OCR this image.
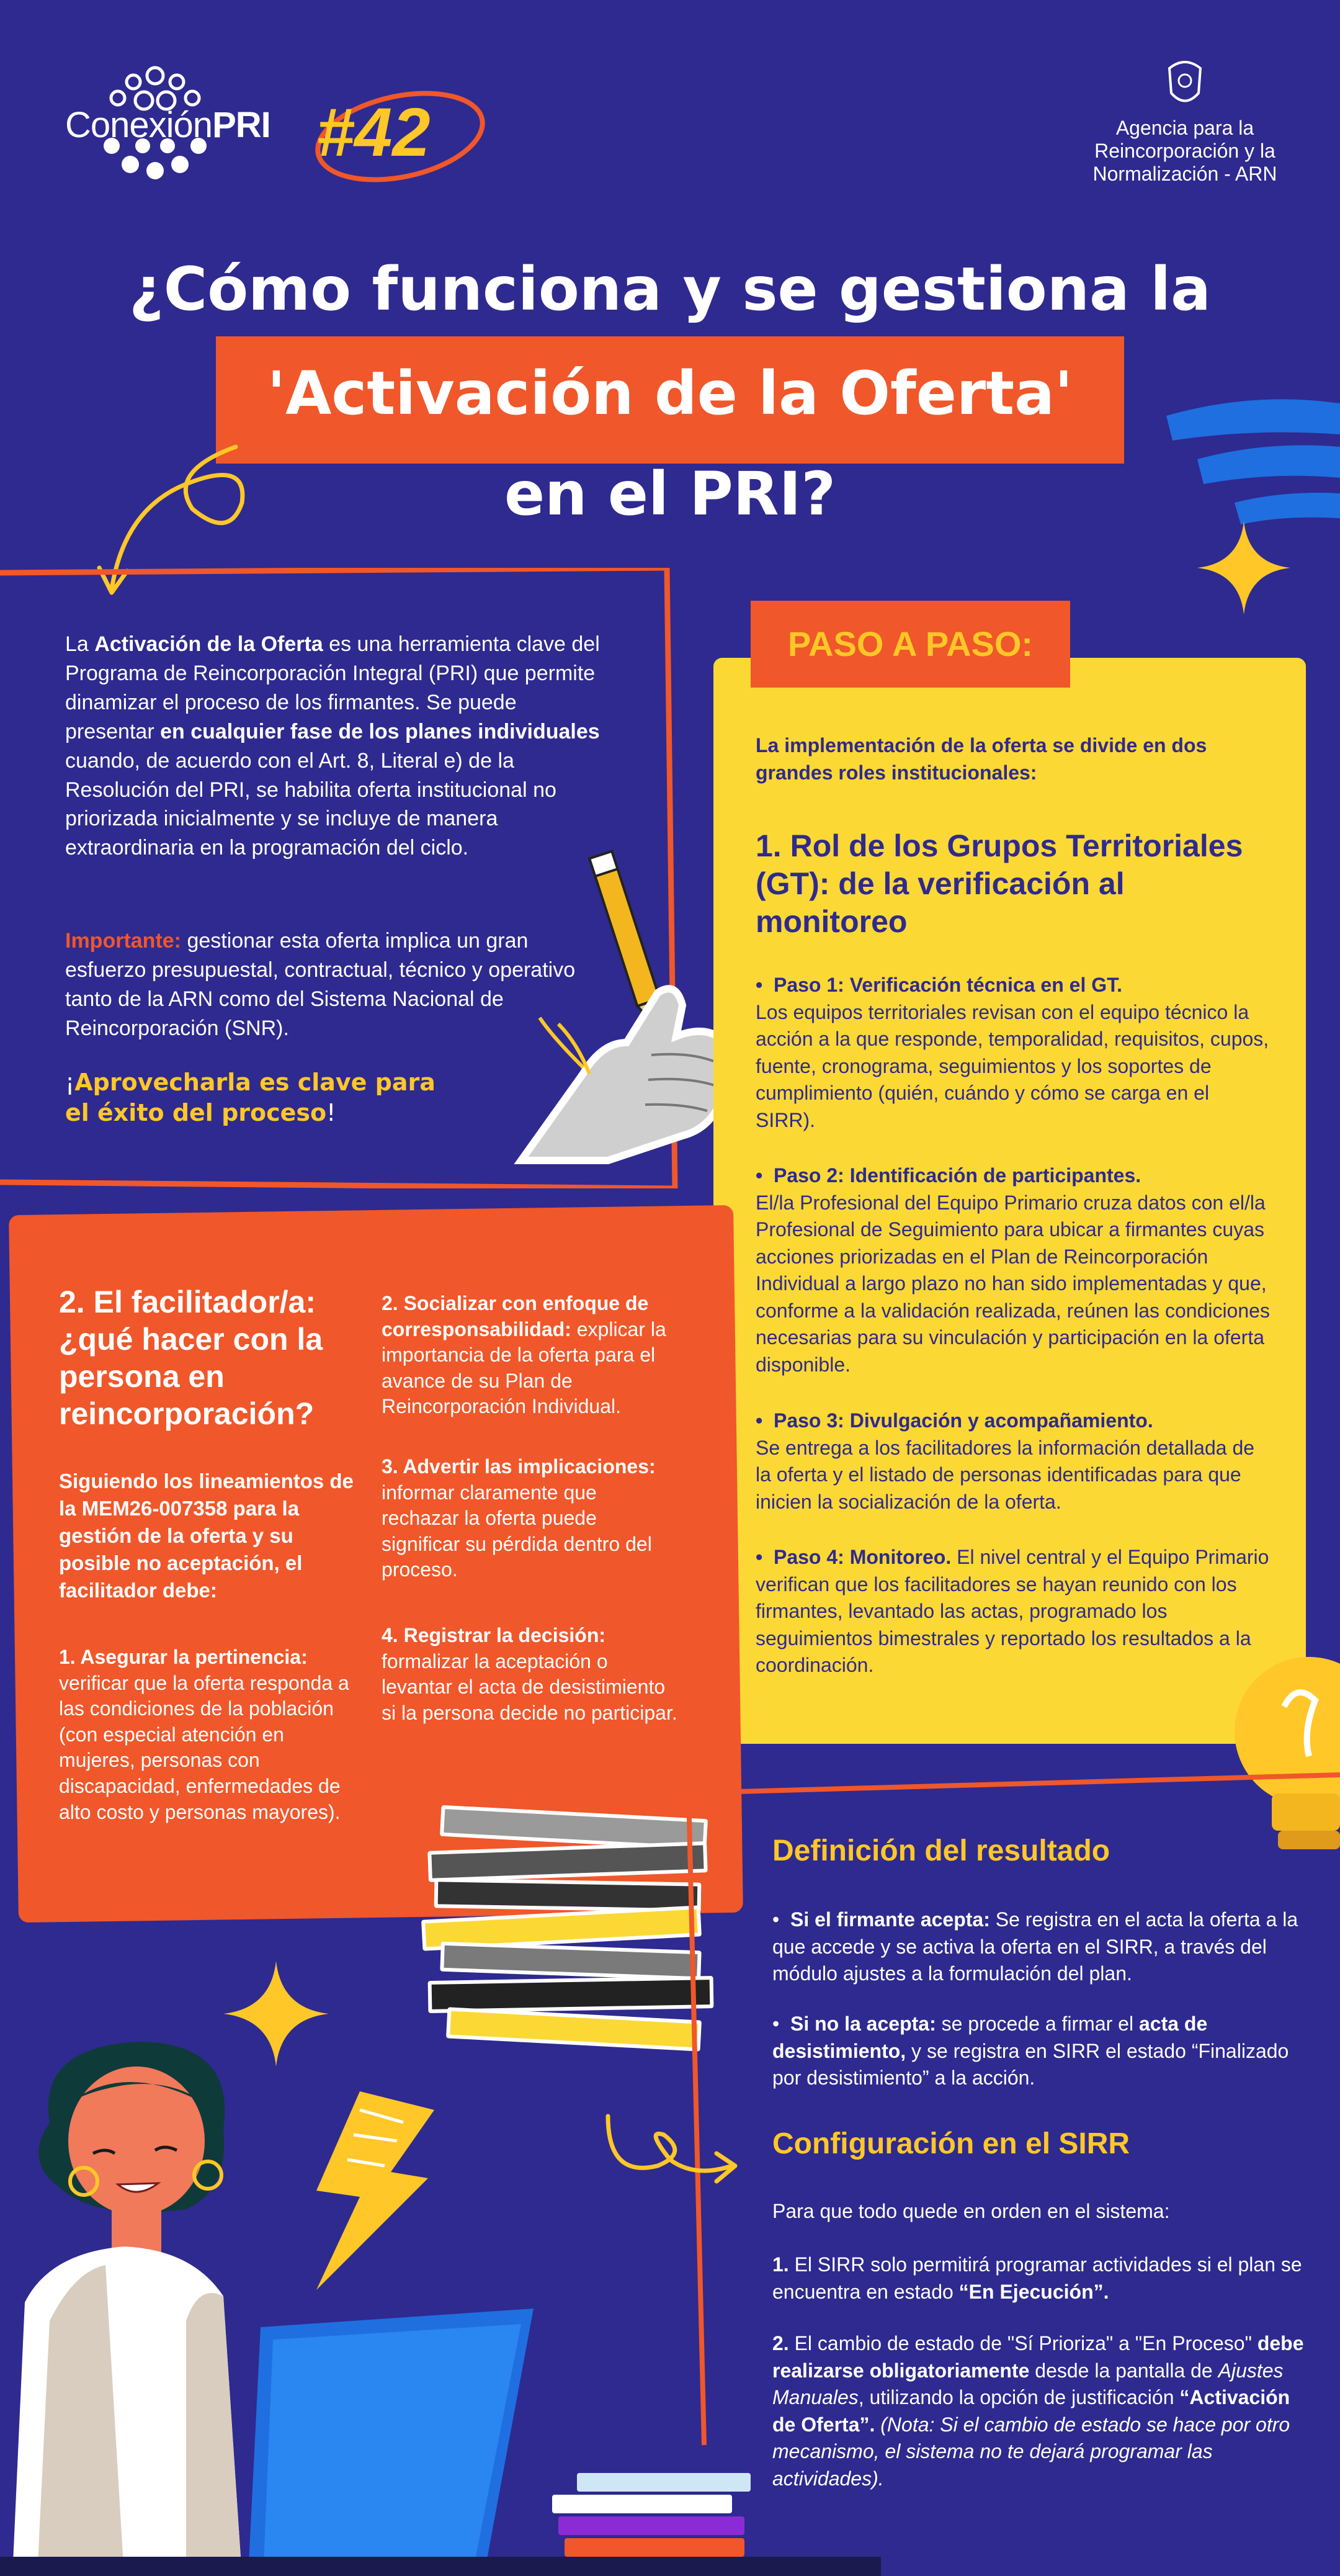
ConexiónPRI #42	Agencia para la
Reincorporación y la
Normalización - ARN
¿Cómo funciona y se gestiona la
'Activación de la Oferta'
en el PRI?
La Activación de la Oferta es una herramienta clave del Programa de Reincorporación Integral (PRI) que permite dinamizar el proceso de los firmantes. Se puede presentar en cualquier fase de los planes individuales cuando, de acuerdo con el Art. 8, Literal e) de la Resolución del PRI, se habilita oferta institucional no priorizada inicialmente y se incluye de manera extraordinaria en la programación del ciclo.
Importante: gestionar esta oferta implica un gran esfuerzo presupuestal, contractual, técnico y operativo tanto de la ARN como del Sistema Nacional de Reincorporación (SNR).
¡Aprovecharla es clave para el éxito del proceso!
PASO A PASO:
La implementación de la oferta se divide en dos grandes roles institucionales:
1. Rol de los Grupos Territoriales (GT): de la verificación al monitoreo
•  Paso 1: Verificación técnica en el GT.
Los equipos territoriales revisan con el equipo técnico la acción a la que responde, temporalidad, requisitos, cupos, fuente, cronograma, seguimientos y los soportes de cumplimiento (quién, cuándo y cómo se carga en el SIRR).
•  Paso 2: Identificación de participantes.
El/la Profesional del Equipo Primario cruza datos con el/la Profesional de Seguimiento para ubicar a firmantes cuyas acciones priorizadas en el Plan de Reincorporación Individual a largo plazo no han sido implementadas y que, conforme a la validación realizada, reúnen las condiciones necesarias para su vinculación y participación en la oferta disponible.
•  Paso 3: Divulgación y acompañamiento.
Se entrega a los facilitadores la información detallada de la oferta y el listado de personas identificadas para que inicien la socialización de la oferta.
•  Paso 4: Monitoreo. El nivel central y el Equipo Primario verifican que los facilitadores se hayan reunido con los firmantes, levantado las actas, programado los seguimientos bimestrales y reportado los resultados a la coordinación.
2. El facilitador/a: ¿qué hacer con la persona en reincorporación?
Siguiendo los lineamientos de la MEM26-007358 para la gestión de la oferta y su posible no aceptación, el facilitador debe:
1. Asegurar la pertinencia: verificar que la oferta responda a las condiciones de la población (con especial atención en mujeres, personas con discapacidad, enfermedades de alto costo y personas mayores).
2. Socializar con enfoque de corresponsabilidad: explicar la importancia de la oferta para el avance de su Plan de Reincorporación Individual.
3. Advertir las implicaciones: informar claramente que rechazar la oferta puede significar su pérdida dentro del proceso.
4. Registrar la decisión: formalizar la aceptación o levantar el acta de desistimiento si la persona decide no participar.
Definición del resultado
•  Si el firmante acepta: Se registra en el acta la oferta a la que accede y se activa la oferta en el SIRR, a través del módulo ajustes a la formulación del plan.
•  Si no la acepta: se procede a firmar el acta de desistimiento, y se registra en SIRR el estado “Finalizado por desistimiento” a la acción.
Configuración en el SIRR
Para que todo quede en orden en el sistema:
1. El SIRR solo permitirá programar actividades si el plan se encuentra en estado “En Ejecución”.
2. El cambio de estado de "Sí Prioriza" a "En Proceso" debe realizarse obligatoriamente desde la pantalla de Ajustes Manuales, utilizando la opción de justificación “Activación de Oferta”. (Nota: Si el cambio de estado se hace por otro mecanismo, el sistema no te dejará programar las actividades).
